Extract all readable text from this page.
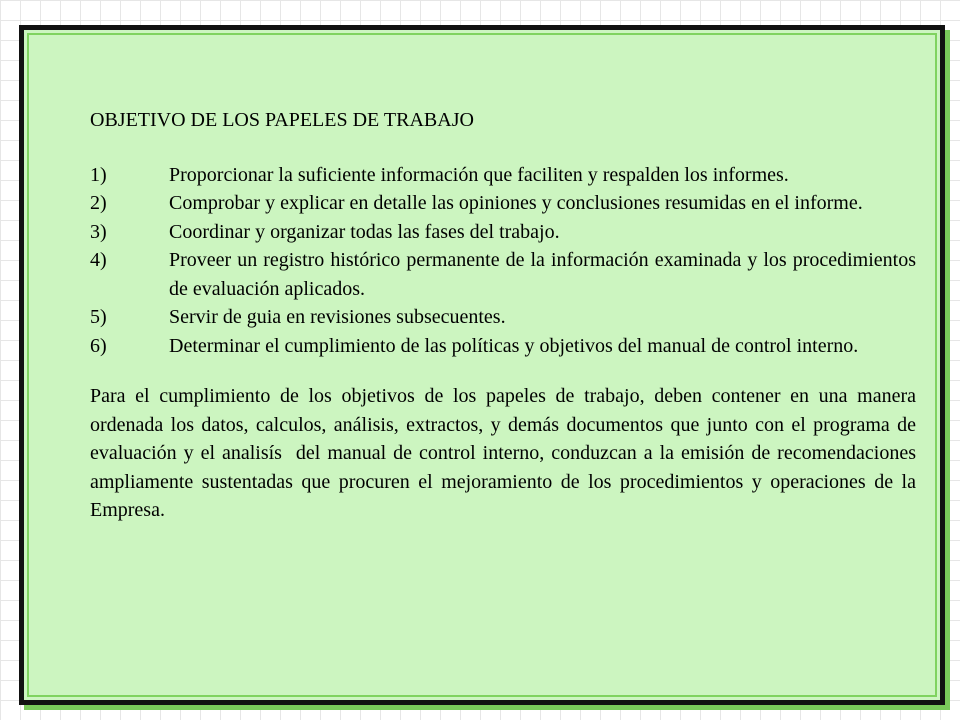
OBJETIVO DE LOS PAPELES DE TRABAJO
1)	Proporcionar la suficiente información que faciliten y respalden los informes.
2)	Comprobar y explicar en detalle las opiniones y conclusiones resumidas en el informe.
3)	Coordinar y organizar todas las fases del trabajo.
4)	Proveer un registro histórico permanente de la información examinada y los procedimientos de evaluación aplicados.
5)	Servir de guia en revisiones subsecuentes.
6)	Determinar el cumplimiento de las políticas y objetivos del manual de control interno.

Para el cumplimiento de los objetivos de los papeles de trabajo, deben contener en una manera ordenada los datos, calculos, análisis, extractos, y demás documentos que junto con el programa de evaluación y el analisís  del manual de control interno, conduzcan a la emisión de recomendaciones ampliamente sustentadas que procuren el mejoramiento de los procedimientos y operaciones de la Empresa.
